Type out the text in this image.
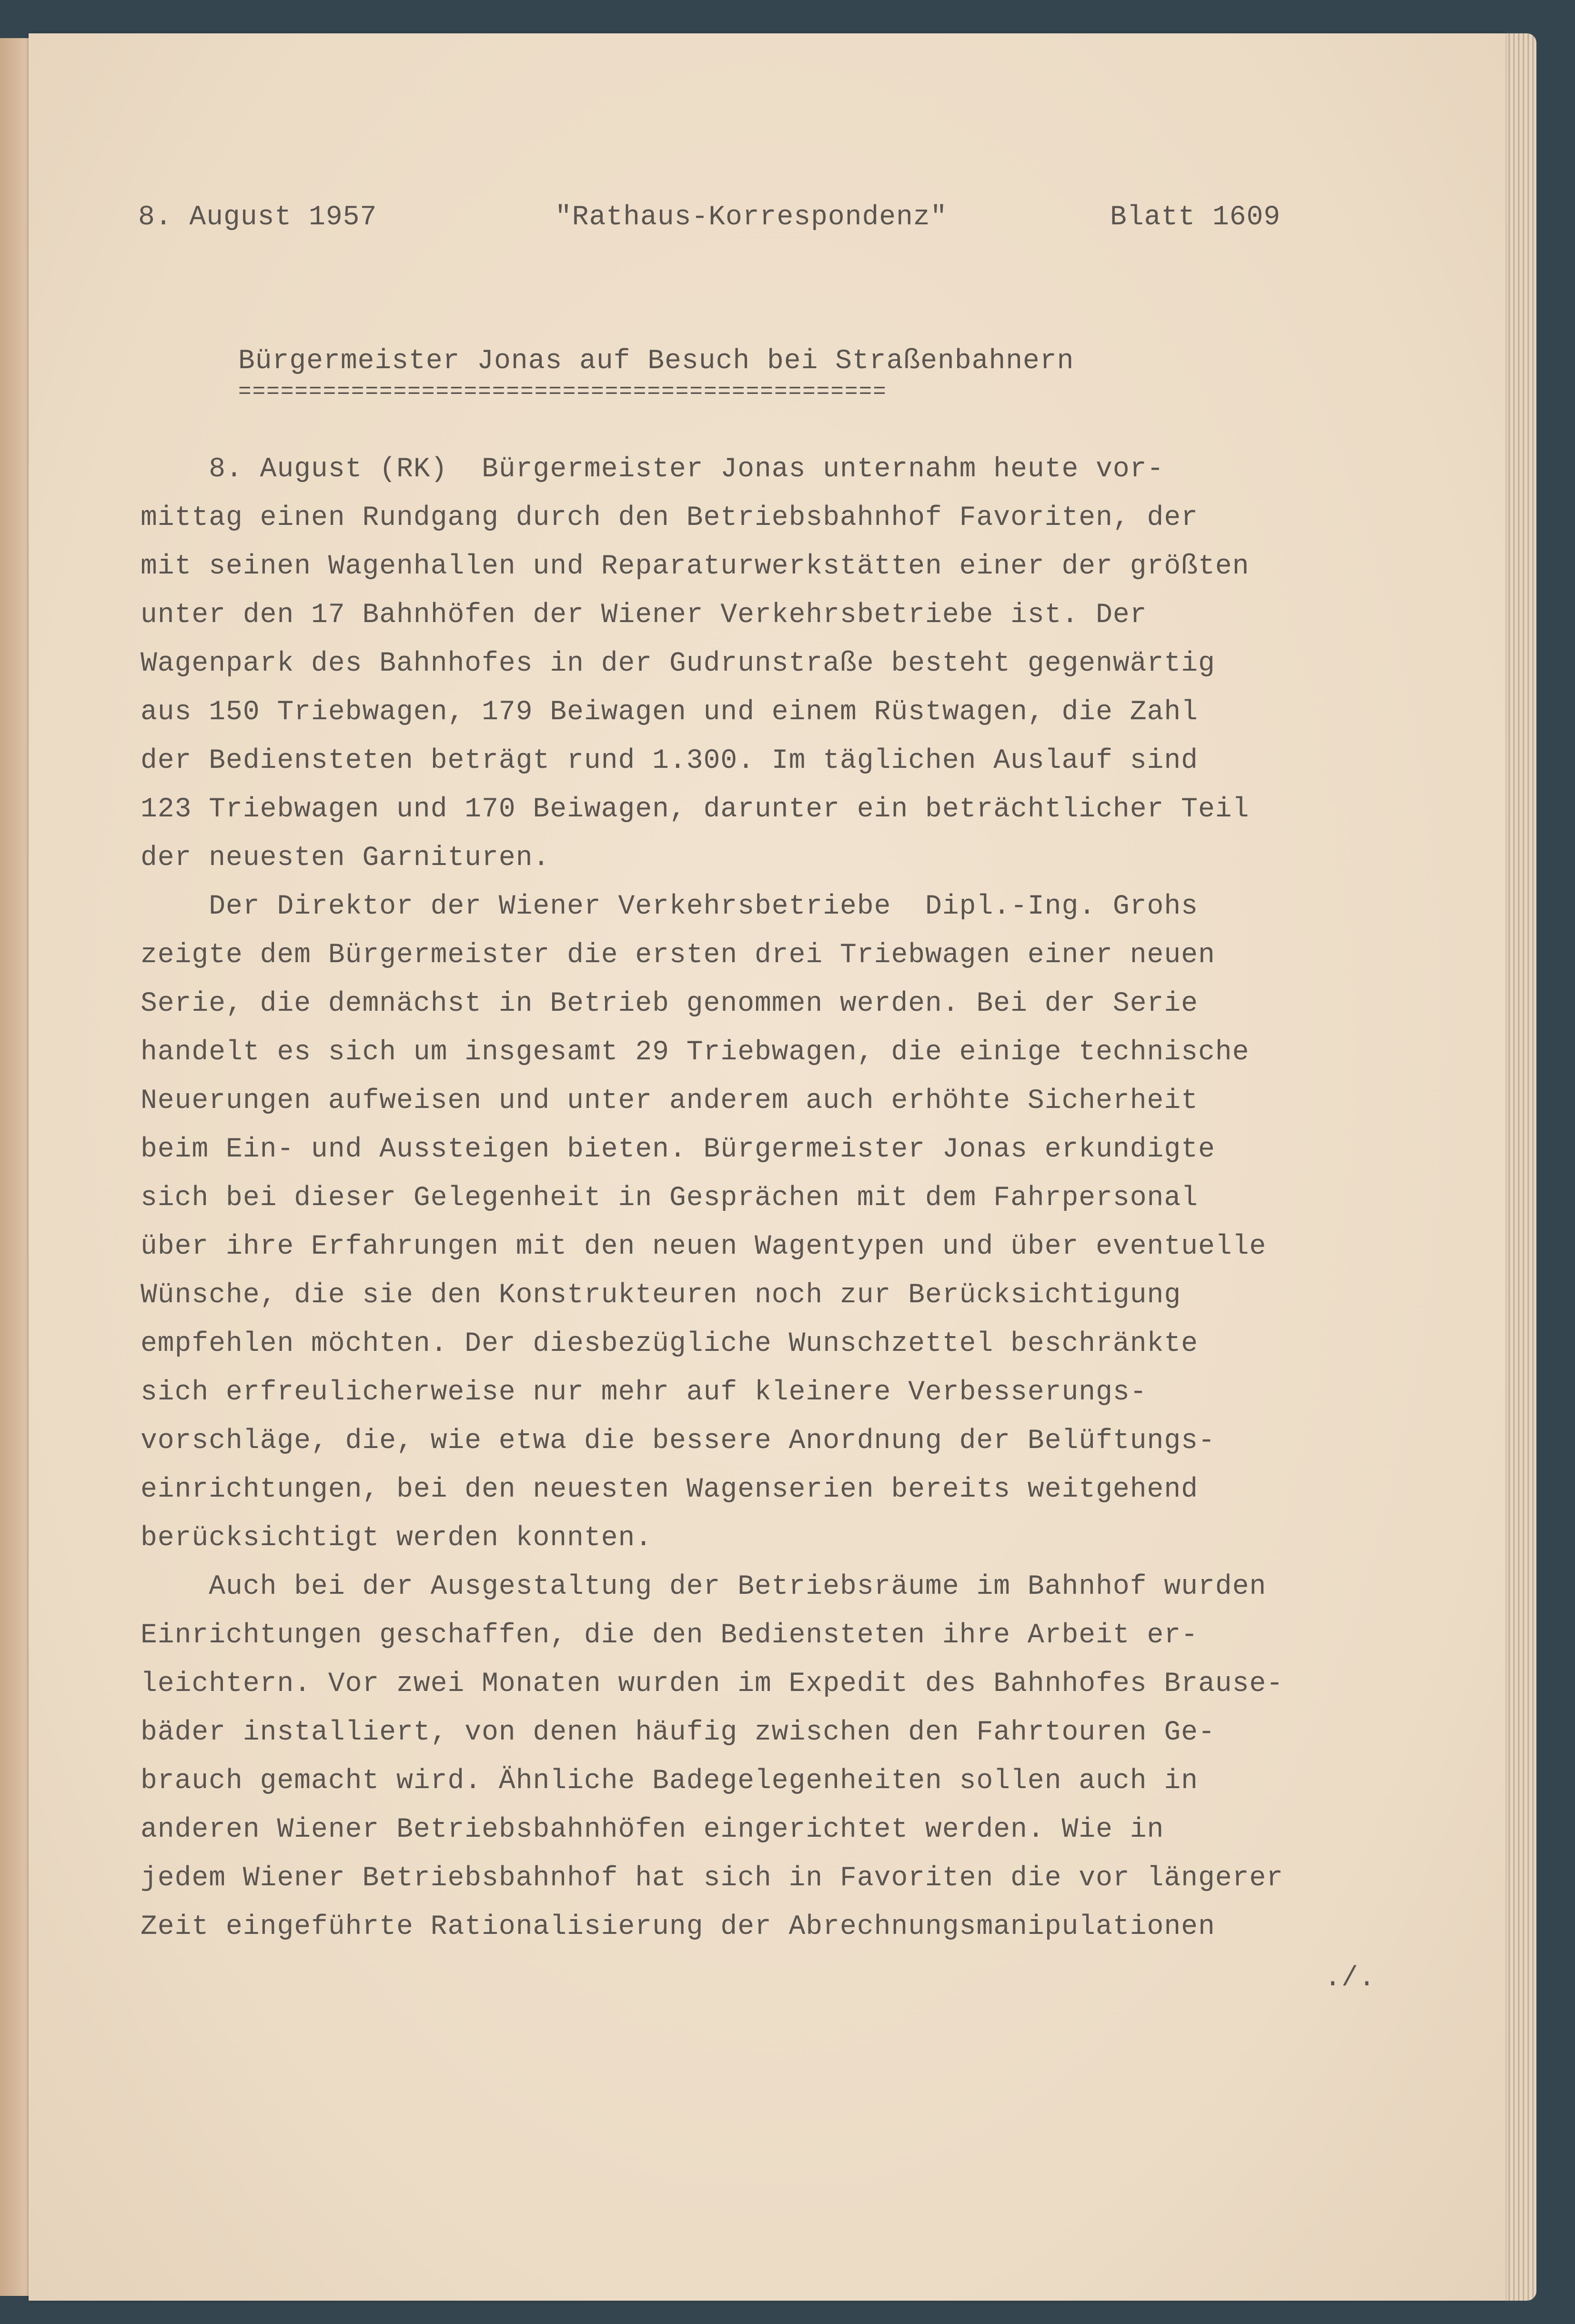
8. August 1957	"Rathaus-Korrespondenz"	Blatt 1609
Bürgermeister Jonas auf Besuch bei Straßenbahnern
==============================================
8. August (RK)  Bürgermeister Jonas unternahm heute vor-
mittag einen Rundgang durch den Betriebsbahnhof Favoriten, der
mit seinen Wagenhallen und Reparaturwerkstätten einer der größten
unter den 17 Bahnhöfen der Wiener Verkehrsbetriebe ist. Der
Wagenpark des Bahnhofes in der Gudrunstraße besteht gegenwärtig
aus 150 Triebwagen, 179 Beiwagen und einem Rüstwagen, die Zahl
der Bediensteten beträgt rund 1.300. Im täglichen Auslauf sind
123 Triebwagen und 170 Beiwagen, darunter ein beträchtlicher Teil
der neuesten Garnituren.
Der Direktor der Wiener Verkehrsbetriebe  Dipl.-Ing. Grohs
zeigte dem Bürgermeister die ersten drei Triebwagen einer neuen
Serie, die demnächst in Betrieb genommen werden. Bei der Serie
handelt es sich um insgesamt 29 Triebwagen, die einige technische
Neuerungen aufweisen und unter anderem auch erhöhte Sicherheit
beim Ein- und Aussteigen bieten. Bürgermeister Jonas erkundigte
sich bei dieser Gelegenheit in Gesprächen mit dem Fahrpersonal
über ihre Erfahrungen mit den neuen Wagentypen und über eventuelle
Wünsche, die sie den Konstrukteuren noch zur Berücksichtigung
empfehlen möchten. Der diesbezügliche Wunschzettel beschränkte
sich erfreulicherweise nur mehr auf kleinere Verbesserungs-
vorschläge, die, wie etwa die bessere Anordnung der Belüftungs-
einrichtungen, bei den neuesten Wagenserien bereits weitgehend
berücksichtigt werden konnten.
Auch bei der Ausgestaltung der Betriebsräume im Bahnhof wurden
Einrichtungen geschaffen, die den Bediensteten ihre Arbeit er-
leichtern. Vor zwei Monaten wurden im Expedit des Bahnhofes Brause-
bäder installiert, von denen häufig zwischen den Fahrtouren Ge-
brauch gemacht wird. Ähnliche Badegelegenheiten sollen auch in
anderen Wiener Betriebsbahnhöfen eingerichtet werden. Wie in
jedem Wiener Betriebsbahnhof hat sich in Favoriten die vor längerer
Zeit eingeführte Rationalisierung der Abrechnungsmanipulationen
./.
